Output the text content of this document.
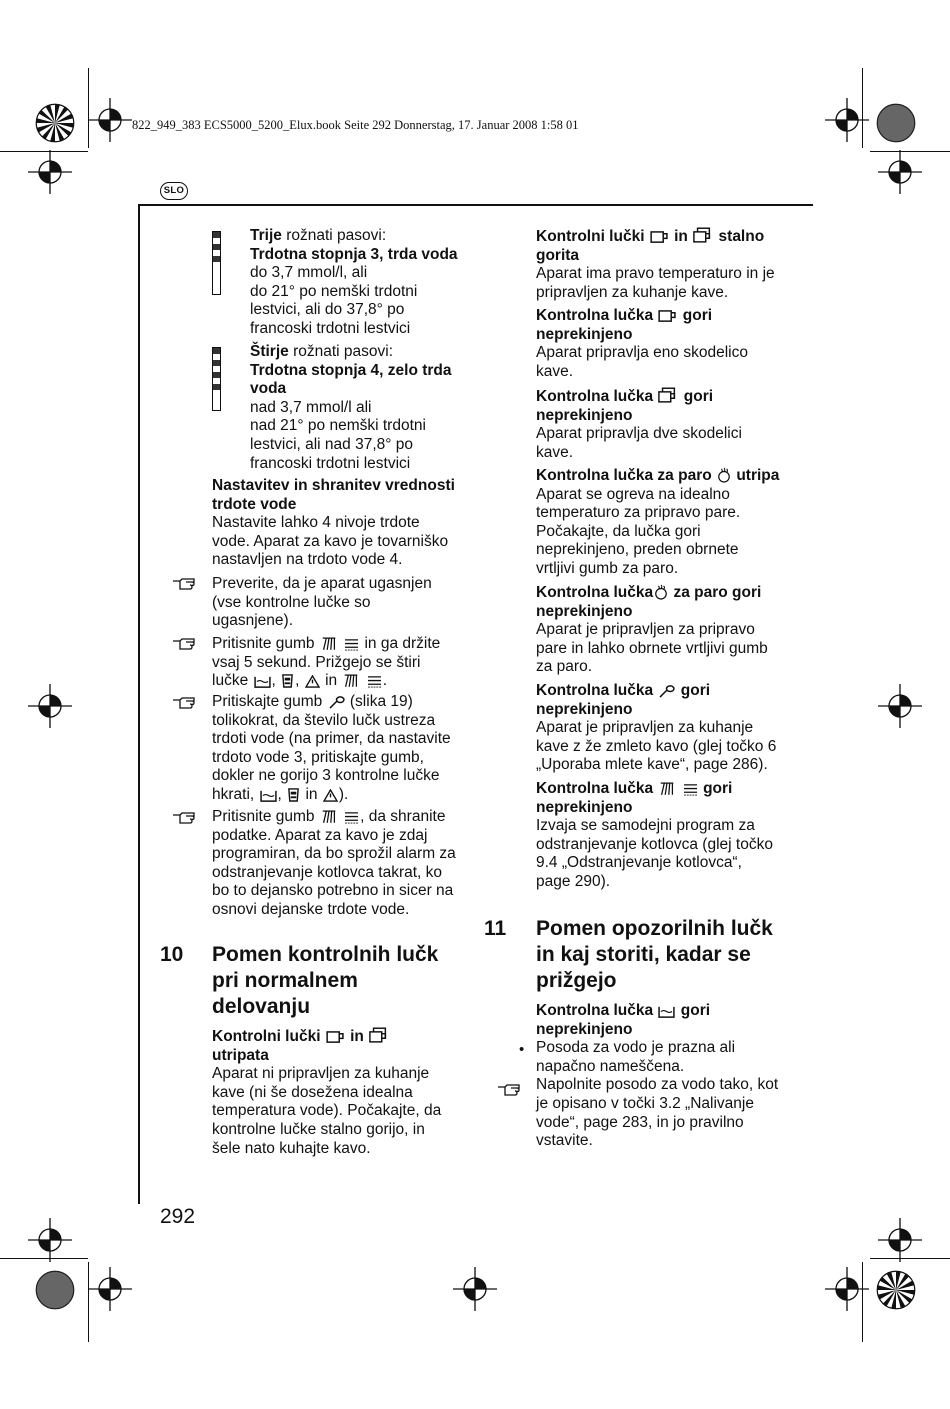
822_949_383 ECS5000_5200_Elux.book Seite 292 Donnerstag, 17. Januar 2008 1:58 01
SLO
Trije rožnati pasovi:
Trdotna stopnja 3, trda voda
do 3,7 mmol/l, ali
do 21° po nemški trdotni
lestvici, ali do 37,8° po
francoski trdotni lestvici
Štirje rožnati pasovi:
Trdotna stopnja 4, zelo trda
voda
nad 3,7 mmol/l ali
nad 21° po nemški trdotni
lestvici, ali nad 37,8° po
francoski trdotni lestvici
Nastavitev in shranitev vrednosti
trdote vode
Nastavite lahko 4 nivoje trdote
vode. Aparat za kavo je tovarniško
nastavljen na trdoto vode 4.
Preverite, da je aparat ugasnjen
(vse kontrolne lučke so
ugasnjene).
Pritisnite gumb	in ga držite
vsaj 5 sekund. Prižgejo se štiri
lučke , ,  in	.
Pritiskajte gumb (slika 19)
tolikokrat, da število lučk ustreza
trdoti vode (na primer, da nastavite
trdoto vode 3, pritiskajte gumb,
dokler ne gorijo 3 kontrolne lučke
hkrati, ,  in ).
Pritisnite gumb	, da shranite
podatke. Aparat za kavo je zdaj
programiran, da bo sprožil alarm za
odstranjevanje kotlovca takrat, ko
bo to dejansko potrebno in sicer na
osnovi dejanske trdote vode.
10 Pomen kontrolnih lučk
pri normalnem
delovanju
Kontrolni lučki in
utripata
Aparat ni pripravljen za kuhanje
kave (ni še dosežena idealna
temperatura vode). Počakajte, da
kontrolne lučke stalno gorijo, in
šele nato kuhajte kavo.
292
Kontrolni lučki in stalno
gorita
Aparat ima pravo temperaturo in je
pripravljen za kuhanje kave.
Kontrolna lučka gori
neprekinjeno
Aparat pripravlja eno skodelico
kave.
Kontrolna lučka gori
neprekinjeno
Aparat pripravlja dve skodelici
kave.
Kontrolna lučka za paro utripa
Aparat se ogreva na idealno
temperaturo za pripravo pare.
Počakajte, da lučka gori
neprekinjeno, preden obrnete
vrtljivi gumb za paro.
Kontrolna lučka za paro gori
neprekinjeno
Aparat je pripravljen za pripravo
pare in lahko obrnete vrtljivi gumb
za paro.
Kontrolna lučka gori
neprekinjeno
Aparat je pripravljen za kuhanje
kave z že zmleto kavo (glej točko 6
„Uporaba mlete kave“, page 286).
Kontrolna lučka	gori
neprekinjeno
Izvaja se samodejni program za
odstranjevanje kotlovca (glej točko
9.4 „Odstranjevanje kotlovca“,
page 290).
11 Pomen opozorilnih lučk
in kaj storiti, kadar se
prižgejo
Kontrolna lučka gori
neprekinjeno
Posoda za vodo je prazna ali
napačno nameščena.
Napolnite posodo za vodo tako, kot
je opisano v točki 3.2 „Nalivanje
vode“, page 283, in jo pravilno
vstavite.
•
